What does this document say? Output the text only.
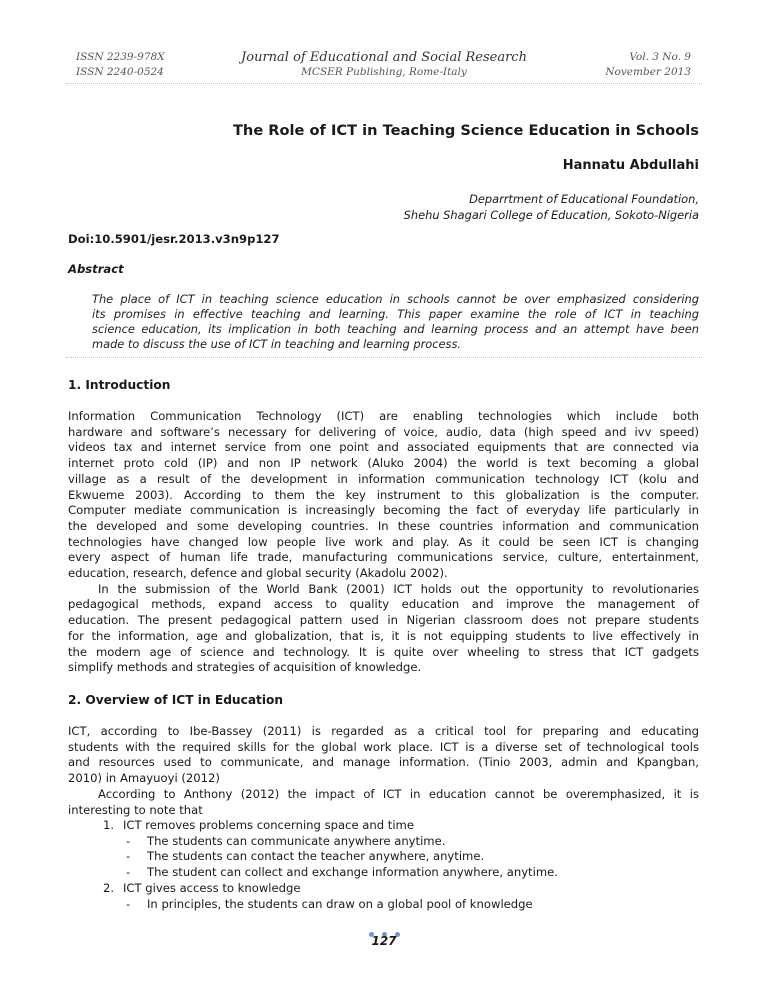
ISSN 2239-978X
ISSN 2240-0524
Journal of Educational and Social Research
MCSER Publishing, Rome-Italy
Vol. 3 No. 9
November 2013
The Role of ICT in Teaching Science Education in Schools
Hannatu Abdullahi
Deparrtment of Educational Foundation,
Shehu Shagari College of Education, Sokoto-Nigeria
Doi:10.5901/jesr.2013.v3n9p127
Abstract
The place of ICT in teaching science education in schools cannot be over emphasized considering
its promises in effective teaching and learning. This paper examine the role of ICT in teaching
science education, its implication in both teaching and learning process and an attempt have been
made to discuss the use of ICT in teaching and learning process.
1. Introduction
Information Communication Technology (ICT) are enabling technologies which include both
hardware and software’s necessary for delivering of voice, audio, data (high speed and ivv speed)
videos tax and internet service from one point and associated equipments that are connected via
internet proto cold (IP) and non IP network (Aluko 2004) the world is text becoming a global
village as a result of the development in information communication technology ICT (kolu and
Ekwueme 2003). According to them the key instrument to this globalization is the computer.
Computer mediate communication is increasingly becoming the fact of everyday life particularly in
the developed and some developing countries. In these countries information and communication
technologies have changed low people live work and play. As it could be seen ICT is changing
every aspect of human life trade, manufacturing communications service, culture, entertainment,
education, research, defence and global security (Akadolu 2002).
In the submission of the World Bank (2001) ICT holds out the opportunity to revolutionaries
pedagogical methods, expand access to quality education and improve the management of
education. The present pedagogical pattern used in Nigerian classroom does not prepare students
for the information, age and globalization, that is, it is not equipping students to live effectively in
the modern age of science and technology. It is quite over wheeling to stress that ICT gadgets
simplify methods and strategies of acquisition of knowledge.
2. Overview of ICT in Education
ICT, according to Ibe-Bassey (2011) is regarded as a critical tool for preparing and educating
students with the required skills for the global work place. ICT is a diverse set of technological tools
and resources used to communicate, and manage information. (Tinio 2003, admin and Kpangban,
2010) in Amayuoyi (2012)
According to Anthony (2012) the impact of ICT in education cannot be overemphasized, it is
interesting to note that
1. ICT removes problems concerning space and time
- The students can communicate anywhere anytime.
- The students can contact the teacher anywhere, anytime.
- The student can collect and exchange information anywhere, anytime.
2. ICT gives access to knowledge
- In principles, the students can draw on a global pool of knowledge
127
